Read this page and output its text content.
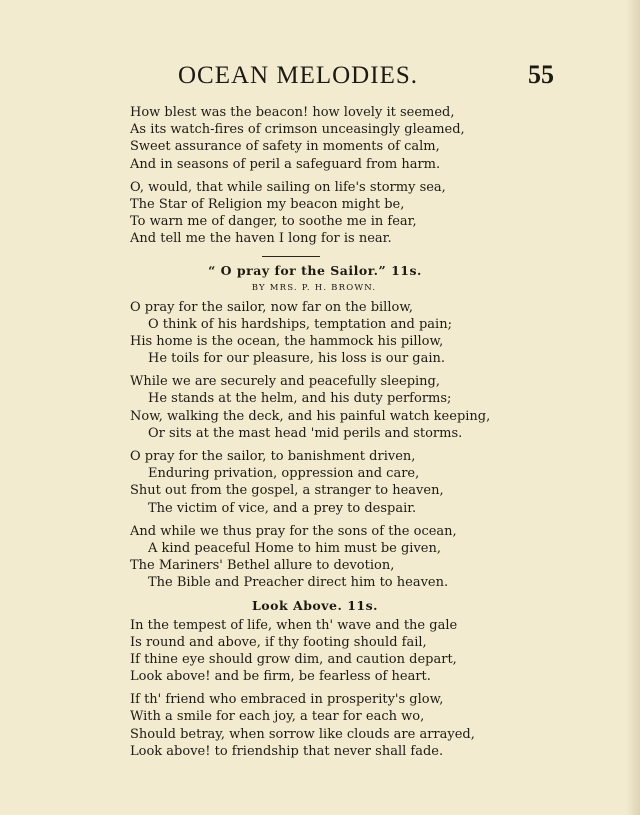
OCEAN MELODIES.	55
How blest was the beacon! how lovely it seemed,
As its watch-fires of crimson unceasingly gleamed,
Sweet assurance of safety in moments of calm,
And in seasons of peril a safeguard from harm.
O, would, that while sailing on life's stormy sea,
The Star of Religion my beacon might be,
To warn me of danger, to soothe me in fear,
And tell me the haven I long for is near.
“ O pray for the Sailor.” 11s.
BY MRS. P. H. BROWN.
O pray for the sailor, now far on the billow,
O think of his hardships, temptation and pain;
His home is the ocean, the hammock his pillow,
He toils for our pleasure, his loss is our gain.
While we are securely and peacefully sleeping,
He stands at the helm, and his duty performs;
Now, walking the deck, and his painful watch keeping,
Or sits at the mast head 'mid perils and storms.
O pray for the sailor, to banishment driven,
Enduring privation, oppression and care,
Shut out from the gospel, a stranger to heaven,
The victim of vice, and a prey to despair.
And while we thus pray for the sons of the ocean,
A kind peaceful Home to him must be given,
The Mariners' Bethel allure to devotion,
The Bible and Preacher direct him to heaven.
Look Above. 11s.
In the tempest of life, when th' wave and the gale
Is round and above, if thy footing should fail,
If thine eye should grow dim, and caution depart,
Look above! and be firm, be fearless of heart.
If th' friend who embraced in prosperity's glow,
With a smile for each joy, a tear for each wo,
Should betray, when sorrow like clouds are arrayed,
Look above! to friendship that never shall fade.
